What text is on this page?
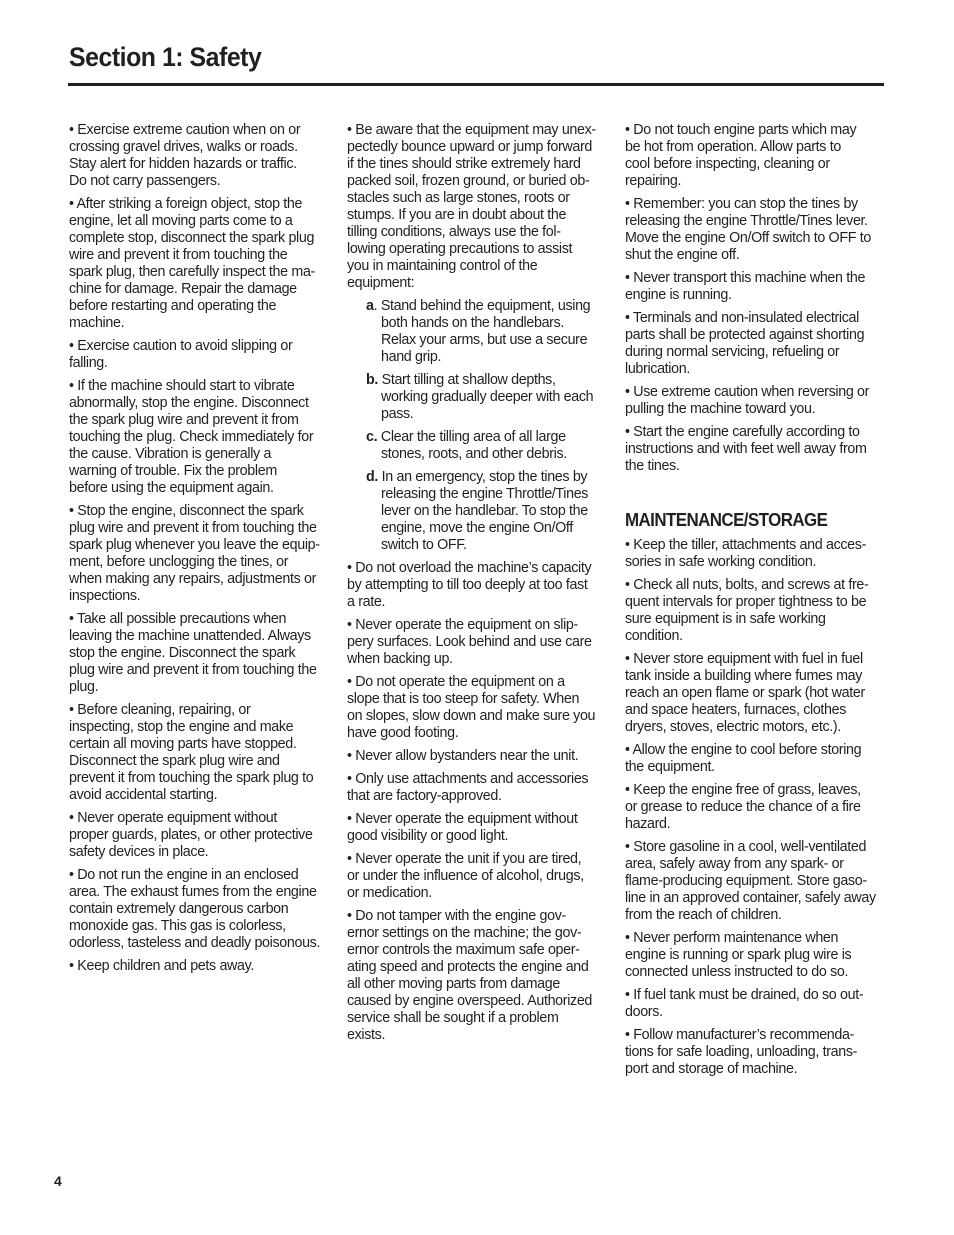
Section 1: Safety

• Exercise extreme caution when on or
crossing gravel drives, walks or roads.
Stay alert for hidden hazards or traffic.
Do not carry passengers.

• After striking a foreign object, stop the
engine, let all moving parts come to a
complete stop, disconnect the spark plug
wire and prevent it from touching the
spark plug, then carefully inspect the ma-
chine for damage. Repair the damage
before restarting and operating the
machine.

• Exercise caution to avoid slipping or
falling.

• If the machine should start to vibrate
abnormally, stop the engine. Disconnect
the spark plug wire and prevent it from
touching the plug. Check immediately for
the cause. Vibration is generally a
warning of trouble. Fix the problem
before using the equipment again.

• Stop the engine, disconnect the spark
plug wire and prevent it from touching the
spark plug whenever you leave the equip-
ment, before unclogging the tines, or
when making any repairs, adjustments or
inspections.

• Take all possible precautions when
leaving the machine unattended. Always
stop the engine. Disconnect the spark
plug wire and prevent it from touching the
plug.

• Before cleaning, repairing, or
inspecting, stop the engine and make
certain all moving parts have stopped.
Disconnect the spark plug wire and
prevent it from touching the spark plug to
avoid accidental starting.

• Never operate equipment without
proper guards, plates, or other protective
safety devices in place.

• Do not run the engine in an enclosed
area. The exhaust fumes from the engine
contain extremely dangerous carbon
monoxide gas. This gas is colorless,
odorless, tasteless and deadly poisonous.

• Keep children and pets away.

• Be aware that the equipment may unex-
pectedly bounce upward or jump forward
if the tines should strike extremely hard
packed soil, frozen ground, or buried ob-
stacles such as large stones, roots or
stumps. If you are in doubt about the
tilling conditions, always use the fol-
lowing operating precautions to assist
you in maintaining control of the
equipment:

a. Stand behind the equipment, using
both hands on the handlebars.
Relax your arms, but use a secure
hand grip.
b. Start tilling at shallow depths,
working gradually deeper with each
pass.
c. Clear the tilling area of all large
stones, roots, and other debris.
d. In an emergency, stop the tines by
releasing the engine Throttle/Tines
lever on the handlebar. To stop the
engine, move the engine On/Off
switch to OFF.

• Do not overload the machine’s capacity
by attempting to till too deeply at too fast
a rate.

• Never operate the equipment on slip-
pery surfaces. Look behind and use care
when backing up.

• Do not operate the equipment on a
slope that is too steep for safety. When
on slopes, slow down and make sure you
have good footing.

• Never allow bystanders near the unit.

• Only use attachments and accessories
that are factory-approved.

• Never operate the equipment without
good visibility or good light.

• Never operate the unit if you are tired,
or under the influence of alcohol, drugs,
or medication.

• Do not tamper with the engine gov-
ernor settings on the machine; the gov-
ernor controls the maximum safe oper-
ating speed and protects the engine and
all other moving parts from damage
caused by engine overspeed. Authorized
service shall be sought if a problem
exists.

• Do not touch engine parts which may
be hot from operation. Allow parts to
cool before inspecting, cleaning or
repairing.

• Remember: you can stop the tines by
releasing the engine Throttle/Tines lever.
Move the engine On/Off switch to OFF to
shut the engine off.

• Never transport this machine when the
engine is running.

• Terminals and non-insulated electrical
parts shall be protected against shorting
during normal servicing, refueling or
lubrication.

• Use extreme caution when reversing or
pulling the machine toward you.

• Start the engine carefully according to
instructions and with feet well away from
the tines.

MAINTENANCE/STORAGE

• Keep the tiller, attachments and acces-
sories in safe working condition.

• Check all nuts, bolts, and screws at fre-
quent intervals for proper tightness to be
sure equipment is in safe working
condition.

• Never store equipment with fuel in fuel
tank inside a building where fumes may
reach an open flame or spark (hot water
and space heaters, furnaces, clothes
dryers, stoves, electric motors, etc.).

• Allow the engine to cool before storing
the equipment.

• Keep the engine free of grass, leaves,
or grease to reduce the chance of a fire
hazard.

• Store gasoline in a cool, well-ventilated
area, safely away from any spark- or
flame-producing equipment. Store gaso-
line in an approved container, safely away
from the reach of children.

• Never perform maintenance when
engine is running or spark plug wire is
connected unless instructed to do so.

• If fuel tank must be drained, do so out-
doors.

• Follow manufacturer’s recommenda-
tions for safe loading, unloading, trans-
port and storage of machine.

4
